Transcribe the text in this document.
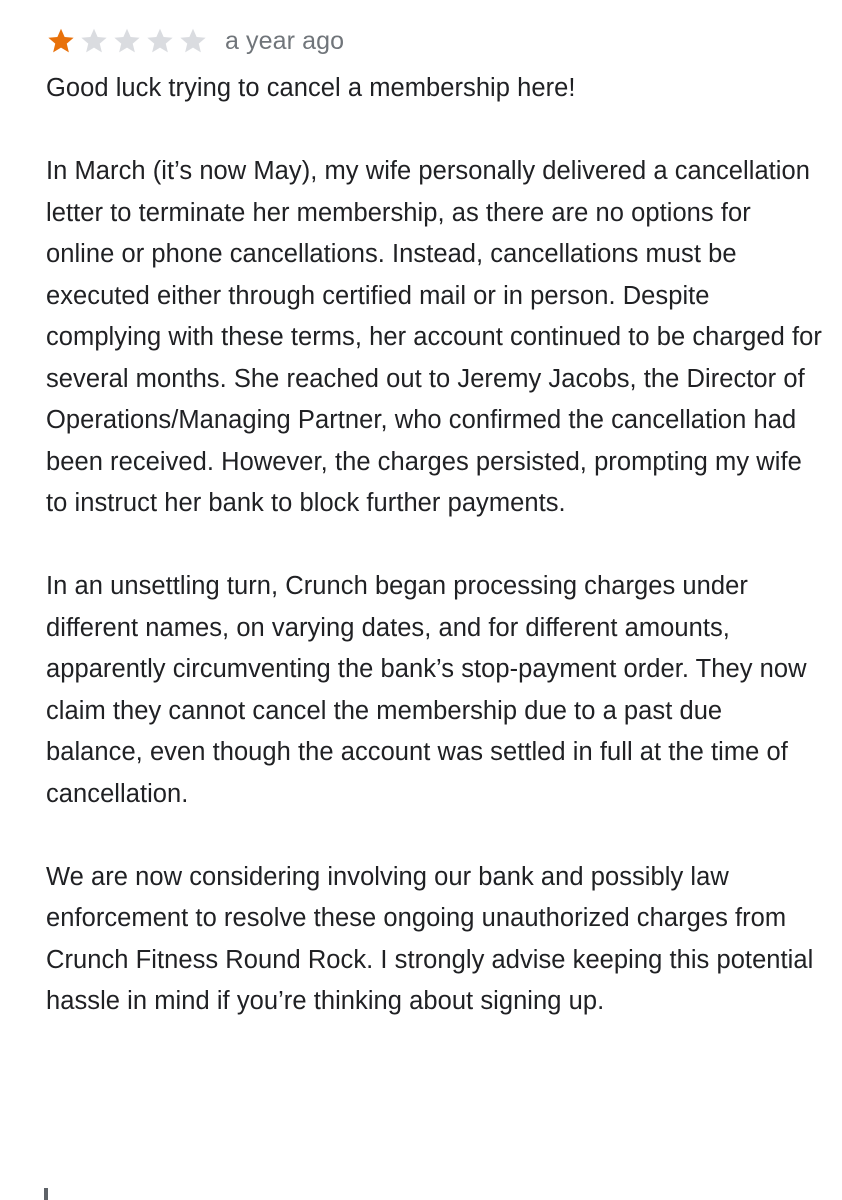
a year ago

Good luck trying to cancel a membership here!

In March (it’s now May), my wife personally delivered a cancellation letter to terminate her membership, as there are no options for online or phone cancellations. Instead, cancellations must be executed either through certified mail or in person. Despite complying with these terms, her account continued to be charged for several months. She reached out to Jeremy Jacobs, the Director of Operations/Managing Partner, who confirmed the cancellation had been received. However, the charges persisted, prompting my wife to instruct her bank to block further payments.

In an unsettling turn, Crunch began processing charges under different names, on varying dates, and for different amounts, apparently circumventing the bank’s stop-payment order. They now claim they cannot cancel the membership due to a past due balance, even though the account was settled in full at the time of cancellation.

We are now considering involving our bank and possibly law enforcement to resolve these ongoing unauthorized charges from Crunch Fitness Round Rock. I strongly advise keeping this potential hassle in mind if you’re thinking about signing up.
